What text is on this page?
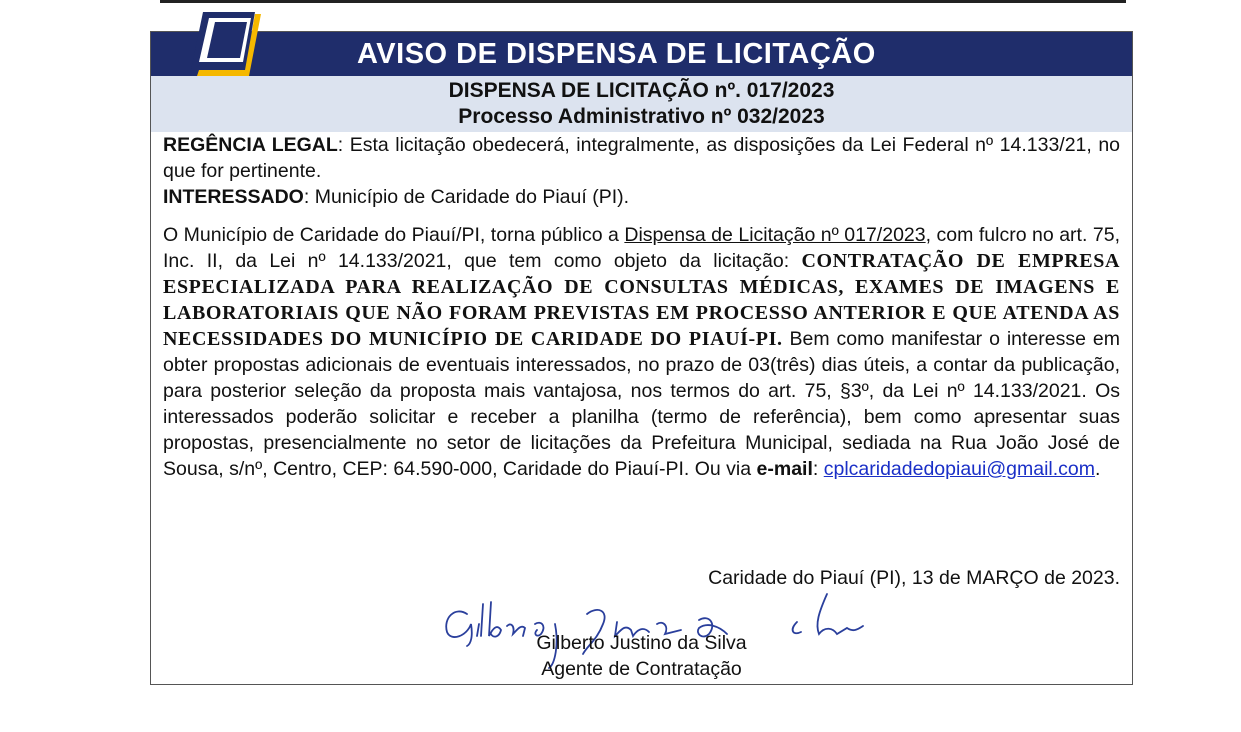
AVISO DE DISPENSA DE LICITAÇÃO
DISPENSA DE LICITAÇÃO nº. 017/2023
Processo Administrativo nº 032/2023

REGÊNCIA LEGAL: Esta licitação obedecerá, integralmente, as disposições da Lei Federal nº 14.133/21, no que for pertinente.

INTERESSADO: Município de Caridade do Piauí (PI).

O Município de Caridade do Piauí/PI, torna público a Dispensa de Licitação nº 017/2023, com fulcro no art. 75, Inc. II, da Lei nº 14.133/2021, que tem como objeto da licitação: CONTRATAÇÃO DE EMPRESA ESPECIALIZADA PARA REALIZAÇÃO DE CONSULTAS MÉDICAS, EXAMES DE IMAGENS E LABORATORIAIS QUE NÃO FORAM PREVISTAS EM PROCESSO ANTERIOR E QUE ATENDA AS NECESSIDADES DO MUNICÍPIO DE CARIDADE DO PIAUÍ-PI. Bem como manifestar o interesse em obter propostas adicionais de eventuais interessados, no prazo de 03(três) dias úteis, a contar da publicação, para posterior seleção da proposta mais vantajosa, nos termos do art. 75, §3º, da Lei nº 14.133/2021. Os interessados poderão solicitar e receber a planilha (termo de referência), bem como apresentar suas propostas, presencialmente no setor de licitações da Prefeitura Municipal, sediada na Rua João José de Sousa, s/nº, Centro, CEP: 64.590-000, Caridade do Piauí-PI. Ou via e-mail: cplcaridadedopiaui@gmail.com.

Caridade do Piauí (PI), 13 de MARÇO de 2023.
Gilberto Justino da Silva
Agente de Contratação
